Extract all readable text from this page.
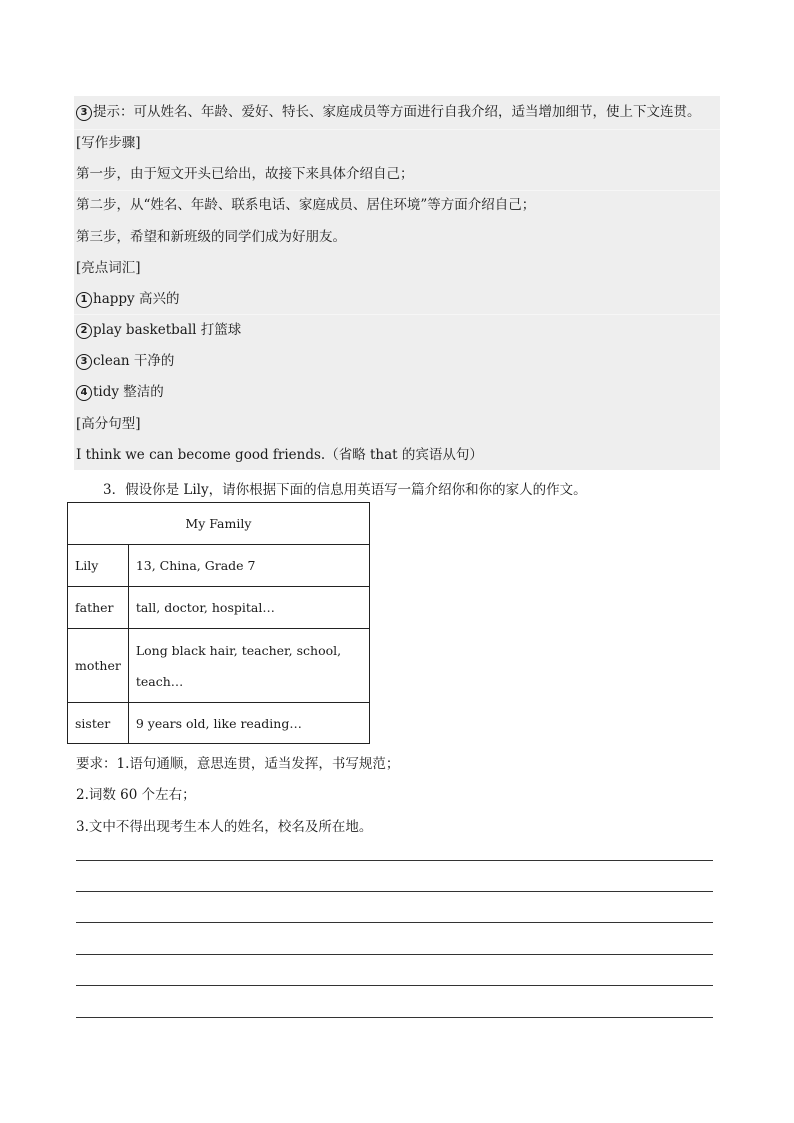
3 提示：可从姓名、年龄、爱好、特长、家庭成员等方面进行自我介绍，适当增加细节，使上下文连贯。
[写作步骤]
第一步，由于短文开头已给出，故接下来具体介绍自己；
第二步，从“姓名、年龄、联系电话、家庭成员、居住环境”等方面介绍自己；
第三步，希望和新班级的同学们成为好朋友。
[亮点词汇]
1 happy 高兴的
2 play basketball 打篮球
3 clean 干净的
4 tidy 整洁的
[高分句型]
I think we can become good friends.（省略 that 的宾语从句）
3．假设你是 Lily，请你根据下面的信息用英语写一篇介绍你和你的家人的作文。
My Family	
Lily	13, China, Grade 7
father	tall, doctor, hospital…
mother	Long black hair, teacher, school,
teach…

sister	9 years old, like reading…
要求：1.语句通顺，意思连贯，适当发挥，书写规范；
2.词数 60 个左右；
3.文中不得出现考生本人的姓名，校名及所在地。
